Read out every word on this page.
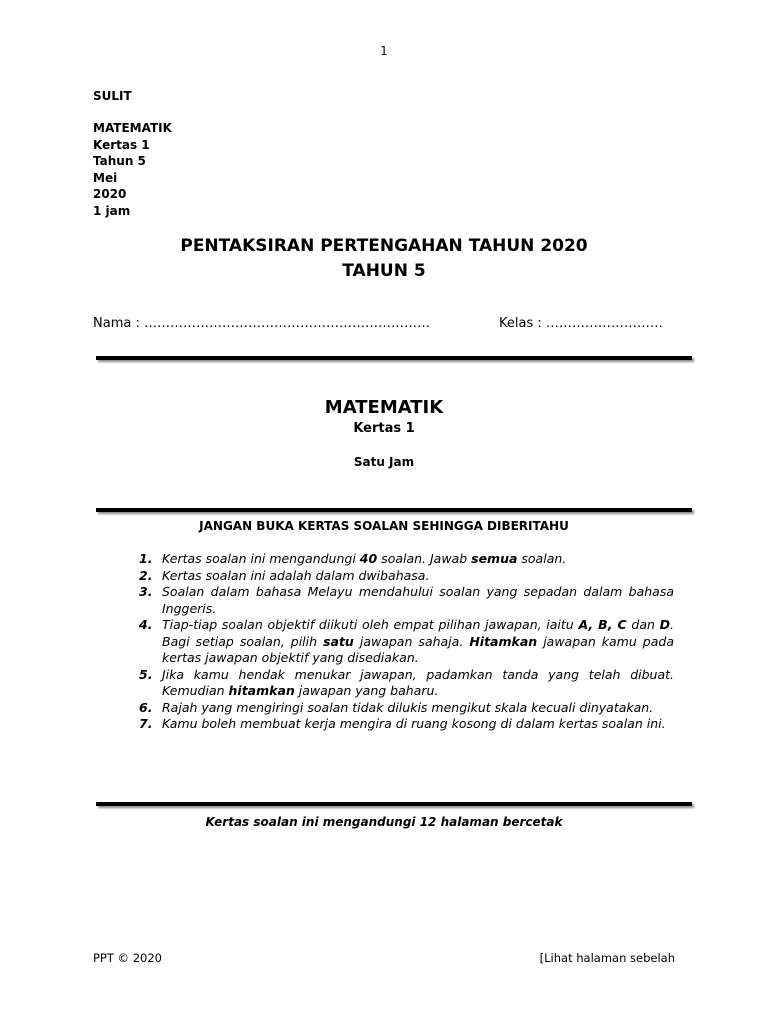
1
SULIT
MATEMATIK
Kertas 1
Tahun 5
Mei
2020
1 jam
PENTAKSIRAN PERTENGAHAN TAHUN 2020
TAHUN 5
Nama : …………………………………………………………	Kelas : ………………………
MATEMATIK
Kertas 1
Satu Jam
JANGAN BUKA KERTAS SOALAN SEHINGGA DIBERITAHU
1. Kertas soalan ini mengandungi 40 soalan. Jawab semua soalan.
2. Kertas soalan ini adalah dalam dwibahasa.
3. Soalan dalam bahasa Melayu mendahului soalan yang sepadan dalam bahasa Inggeris.
4. Tiap-tiap soalan objektif diikuti oleh empat pilihan jawapan, iaitu A, B, C dan D. Bagi setiap soalan, pilih satu jawapan sahaja. Hitamkan jawapan kamu pada kertas jawapan objektif yang disediakan.
5. Jika kamu hendak menukar jawapan, padamkan tanda yang telah dibuat. Kemudian hitamkan jawapan yang baharu.
6. Rajah yang mengiringi soalan tidak dilukis mengikut skala kecuali dinyatakan.
7. Kamu boleh membuat kerja mengira di ruang kosong di dalam kertas soalan ini.
Kertas soalan ini mengandungi 12 halaman bercetak
PPT © 2020	[Lihat halaman sebelah
